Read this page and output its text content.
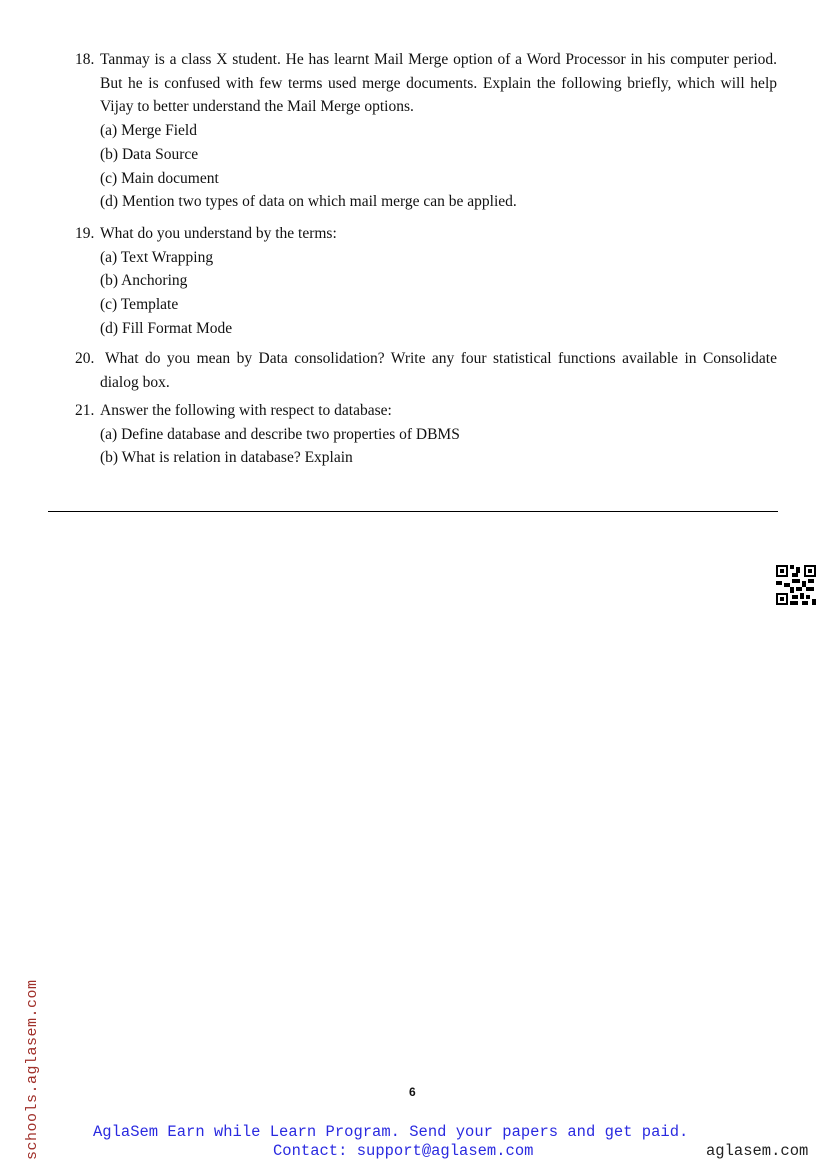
18. Tanmay is a class X student. He has learnt Mail Merge option of a Word Processor in his computer period. But he is confused with few terms used merge documents. Explain the following briefly, which will help Vijay to better understand the Mail Merge options.
(a) Merge Field
(b) Data Source
(c) Main document
(d) Mention two types of data on which mail merge can be applied.
19. What do you understand by the terms:
(a) Text Wrapping
(b) Anchoring
(c) Template
(d) Fill Format Mode
20. What do you mean by Data consolidation? Write any four statistical functions available in Consolidate dialog box.
21. Answer the following with respect to database:
(a) Define database and describe two properties of DBMS
(b) What is relation in database? Explain
schools.aglasem.com	6
AglaSem Earn while Learn Program. Send your papers and get paid.
Contact: support@aglasem.com	aglasem.com
